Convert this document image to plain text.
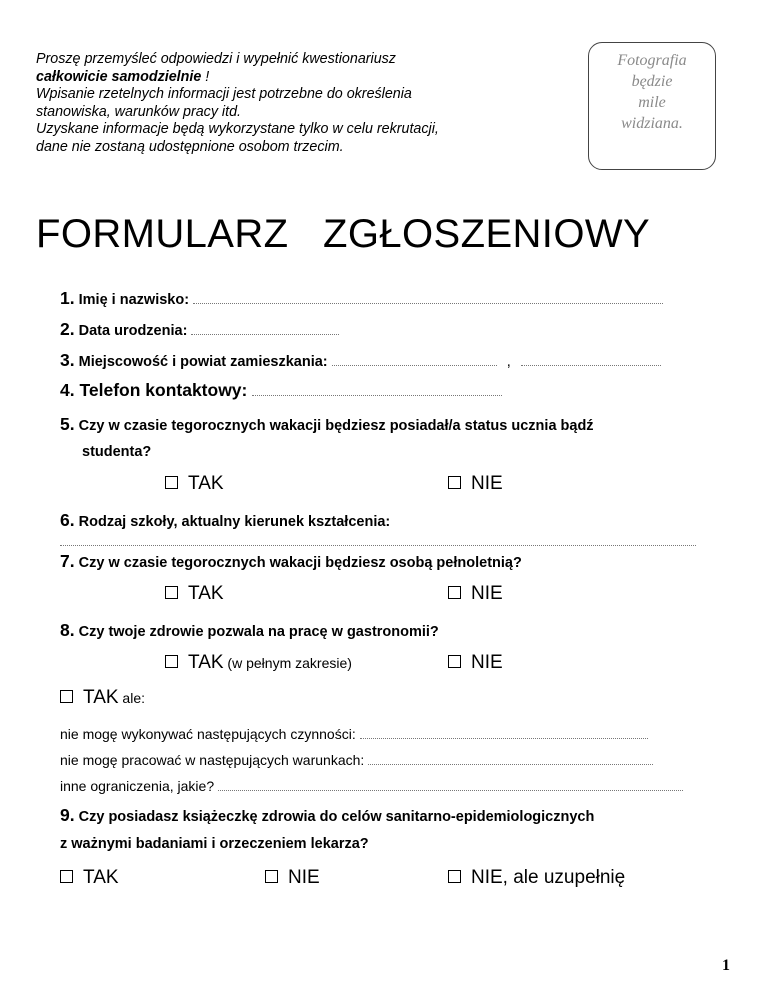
Proszę przemyśleć odpowiedzi i wypełnić kwestionariusz
całkowicie samodzielnie !
Wpisanie rzetelnych informacji jest potrzebne do określenia
stanowiska, warunków pracy itd.
Uzyskane informacje będą wykorzystane tylko w celu rekrutacji,
dane nie zostaną udostępnione osobom trzecim.
Fotografia
będzie
mile
widziana.
FORMULARZ   ZGŁOSZENIOWY
1. Imię i nazwisko:
2. Data urodzenia:
3. Miejscowość i powiat zamieszkania:	,
4. Telefon kontaktowy:
5. Czy w czasie tegorocznych wakacji będziesz posiadał/a status ucznia bądź
studenta?
TAK	NIE
6. Rodzaj szkoły, aktualny kierunek kształcenia:
7. Czy w czasie tegorocznych wakacji będziesz osobą pełnoletnią?
TAK	NIE
8. Czy twoje zdrowie pozwala na pracę w gastronomii?
TAK (w pełnym zakresie)	NIE
TAK ale:
nie mogę wykonywać następujących czynności:
nie mogę pracować w następujących warunkach:
inne ograniczenia, jakie?
9. Czy posiadasz książeczkę zdrowia do celów sanitarno-epidemiologicznych
z ważnymi badaniami i orzeczeniem lekarza?
TAK	NIE	NIE, ale uzupełnię
1
